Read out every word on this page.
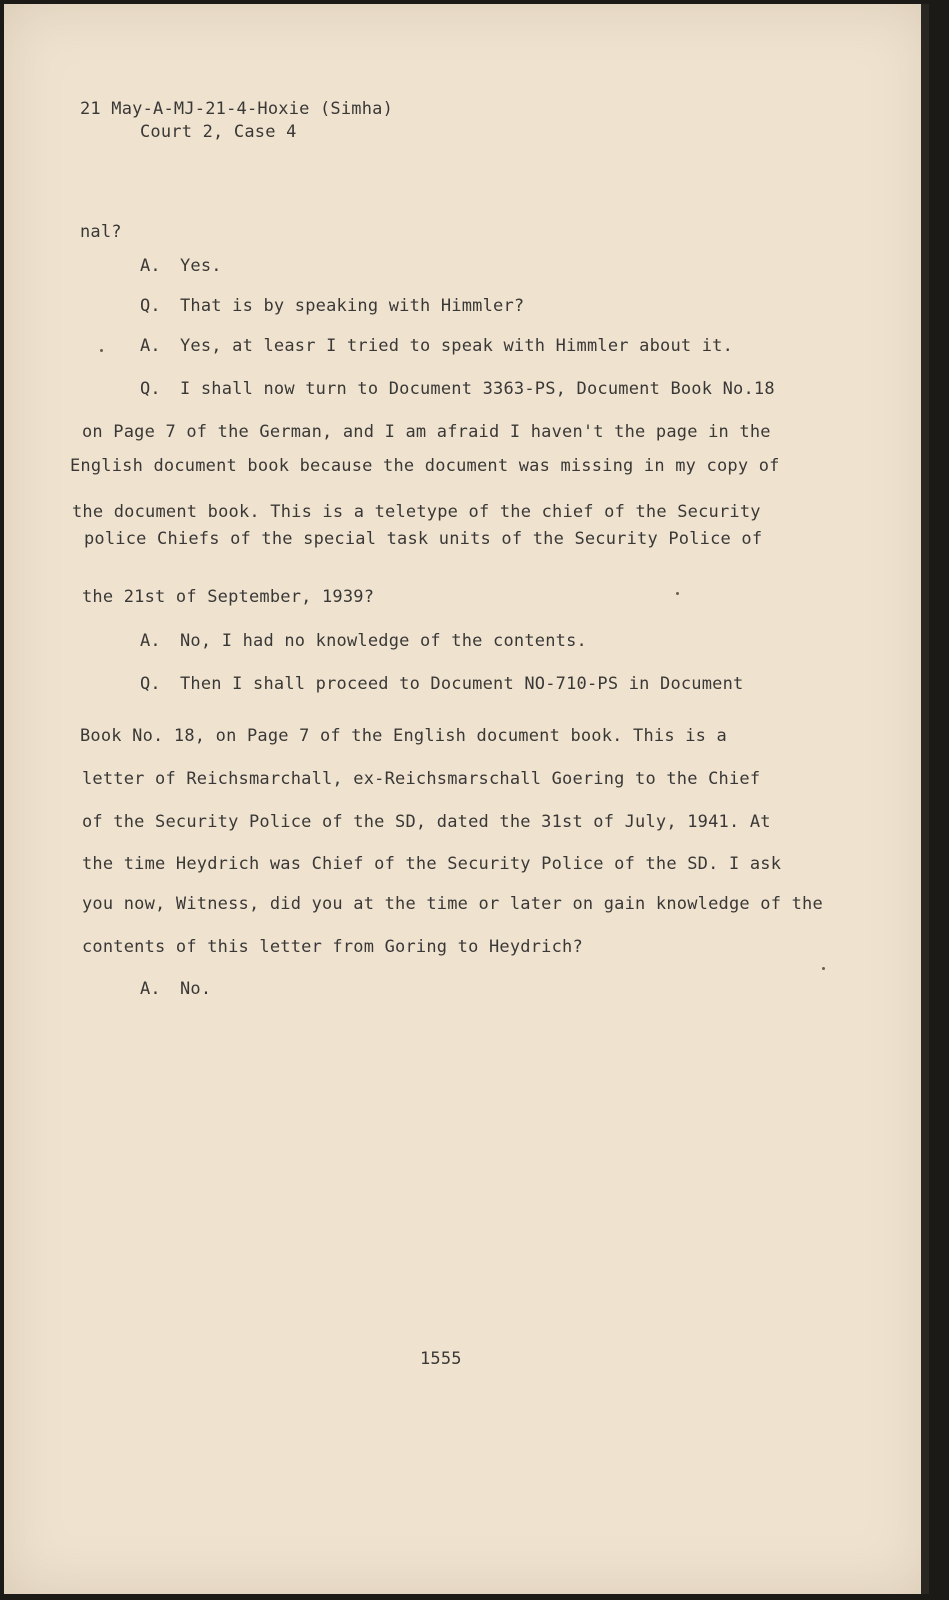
21 May-A-MJ-21-4-Hoxie (Simha)
Court 2, Case 4
nal?
A. Yes.
Q. That is by speaking with Himmler?
A. Yes, at leasr I tried to speak with Himmler about it.
Q. I shall now turn to Document 3363-PS, Document Book No.18
on Page 7 of the German, and I am afraid I haven't the page in the
English document book because the document was missing in my copy of
the document book. This is a teletype of the chief of the Security
police Chiefs of the special task units of the Security Police of
the 21st of September, 1939?
A. No, I had no knowledge of the contents.
Q. Then I shall proceed to Document NO-710-PS in Document
Book No. 18, on Page 7 of the English document book. This is a
letter of Reichsmarchall, ex-Reichsmarschall Goering to the Chief
of the Security Police of the SD, dated the 31st of July, 1941. At
the time Heydrich was Chief of the Security Police of the SD. I ask
you now, Witness, did you at the time or later on gain knowledge of the
contents of this letter from Goring to Heydrich?
A. No.
1555
